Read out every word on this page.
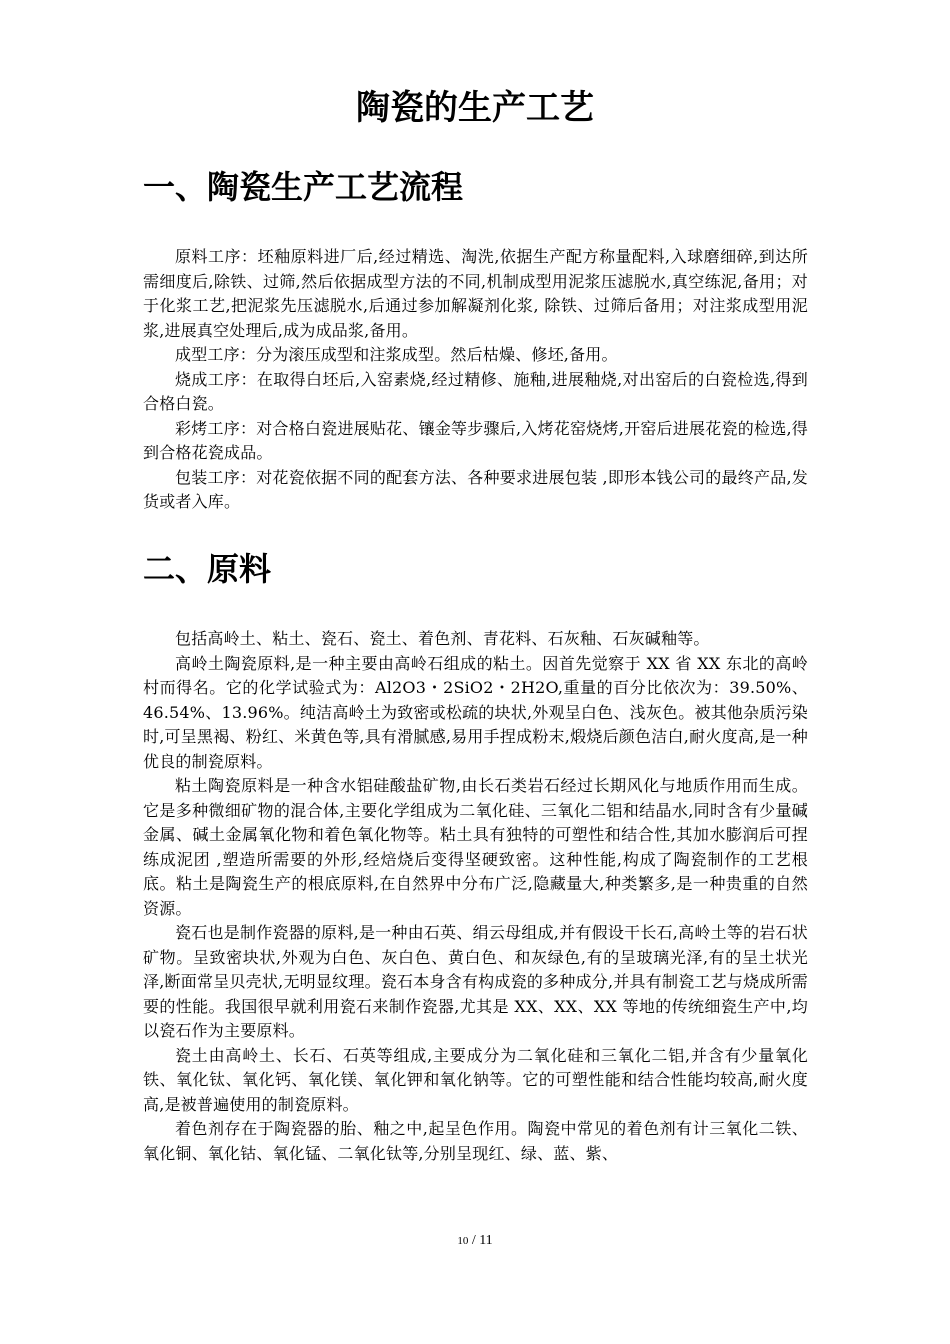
陶瓷的生产工艺
一、陶瓷生产工艺流程

原料工序：坯釉原料进厂后,经过精选、淘洗,依据生产配方称量配料,入球磨细碎,到达所需细度后,除铁、过筛,然后依据成型方法的不同,机制成型用泥浆压滤脱水,真空练泥,备用；对于化浆工艺,把泥浆先压滤脱水,后通过参加解凝剂化浆, 除铁、过筛后备用；对注浆成型用泥浆,进展真空处理后,成为成品浆,备用。

成型工序：分为滚压成型和注浆成型。然后枯燥、修坯,备用。

烧成工序：在取得白坯后,入窑素烧,经过精修、施釉,进展釉烧,对出窑后的白瓷检选,得到合格白瓷。

彩烤工序：对合格白瓷进展贴花、镶金等步骤后,入烤花窑烧烤,开窑后进展花瓷的检选,得到合格花瓷成品。

包装工序：对花瓷依据不同的配套方法、各种要求进展包装 ,即形本钱公司的最终产品,发货或者入库。

二、原料

包括高岭土、粘土、瓷石、瓷土、着色剂、青花料、石灰釉、石灰碱釉等。

高岭土陶瓷原料,是一种主要由高岭石组成的粘土。因首先觉察于 XX 省 XX 东北的高岭村而得名。它的化学试验式为：Al2O3・2SiO2・2H2O,重量的百分比依次为：39.50%、46.54%、13.96%。纯洁高岭土为致密或松疏的块状,外观呈白色、浅灰色。被其他杂质污染时,可呈黑褐、粉红、米黄色等,具有滑腻感,易用手捏成粉末,煅烧后颜色洁白,耐火度高,是一种优良的制瓷原料。

粘土陶瓷原料是一种含水铝硅酸盐矿物,由长石类岩石经过长期风化与地质作用而生成。它是多种微细矿物的混合体,主要化学组成为二氧化硅、三氧化二铝和结晶水,同时含有少量碱金属、碱土金属氧化物和着色氧化物等。粘土具有独特的可塑性和结合性,其加水膨润后可捏练成泥团 ,塑造所需要的外形,经焙烧后变得坚硬致密。这种性能,构成了陶瓷制作的工艺根底。粘土是陶瓷生产的根底原料,在自然界中分布广泛,隐藏量大,种类繁多,是一种贵重的自然资源。

瓷石也是制作瓷器的原料,是一种由石英、绢云母组成,并有假设干长石,高岭土等的岩石状矿物。呈致密块状,外观为白色、灰白色、黄白色、和灰绿色,有的呈玻璃光泽,有的呈土状光泽,断面常呈贝壳状,无明显纹理。瓷石本身含有构成瓷的多种成分,并具有制瓷工艺与烧成所需要的性能。我国很早就利用瓷石来制作瓷器,尤其是 XX、XX、XX 等地的传统细瓷生产中,均以瓷石作为主要原料。

瓷土由高岭土、长石、石英等组成,主要成分为二氧化硅和三氧化二铝,并含有少量氧化铁、氧化钛、氧化钙、氧化镁、氧化钾和氧化钠等。它的可塑性能和结合性能均较高,耐火度高,是被普遍使用的制瓷原料。

着色剂存在于陶瓷器的胎、釉之中,起呈色作用。陶瓷中常见的着色剂有计三氧化二铁、氧化铜、氧化钴、氧化锰、二氧化钛等,分别呈现红、绿、蓝、紫、

10 / 11
